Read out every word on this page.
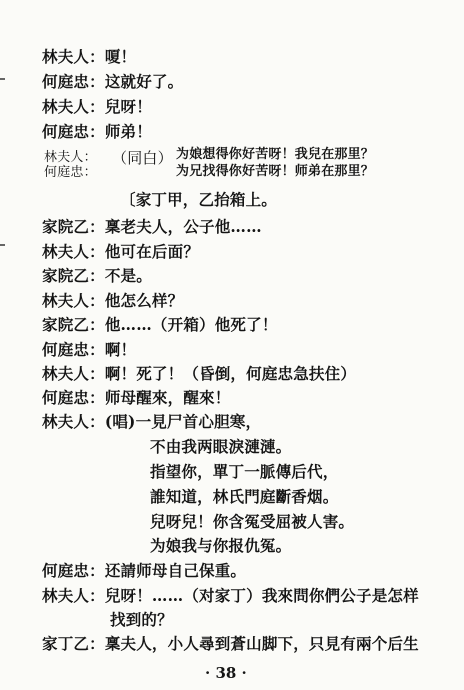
林夫人：嗄！
何庭忠：这就好了。
林夫人：兒呀！
何庭忠：师弟！
林夫人：
何庭忠：
（同白） 为娘想得你好苦呀！我兒在那里？
为兄找得你好苦呀！师弟在那里？
〔家丁甲，乙抬箱上。
家院乙：稟老夫人，公子他……
林夫人：他可在后面？
家院乙：不是。
林夫人：他怎么样？
家院乙：他……（开箱）他死了！
何庭忠：啊！
林夫人：啊！死了！（昏倒，何庭忠急扶住）
何庭忠：师母醒來，醒來！
林夫人：(唱)一見尸首心胆寒，
不由我两眼淚漣漣。
指望你，單丁一脈傳后代，
誰知道，林氏門庭斷香烟。
兒呀兒！你含冤受屈被人害。
为娘我与你报仇冤。
何庭忠：还請师母自己保重。
林夫人：兒呀！……（对家丁）我來問你們公子是怎样
找到的？
家丁乙：稟夫人，小人尋到蒼山脚下，只見有兩个后生
· 38 ·
